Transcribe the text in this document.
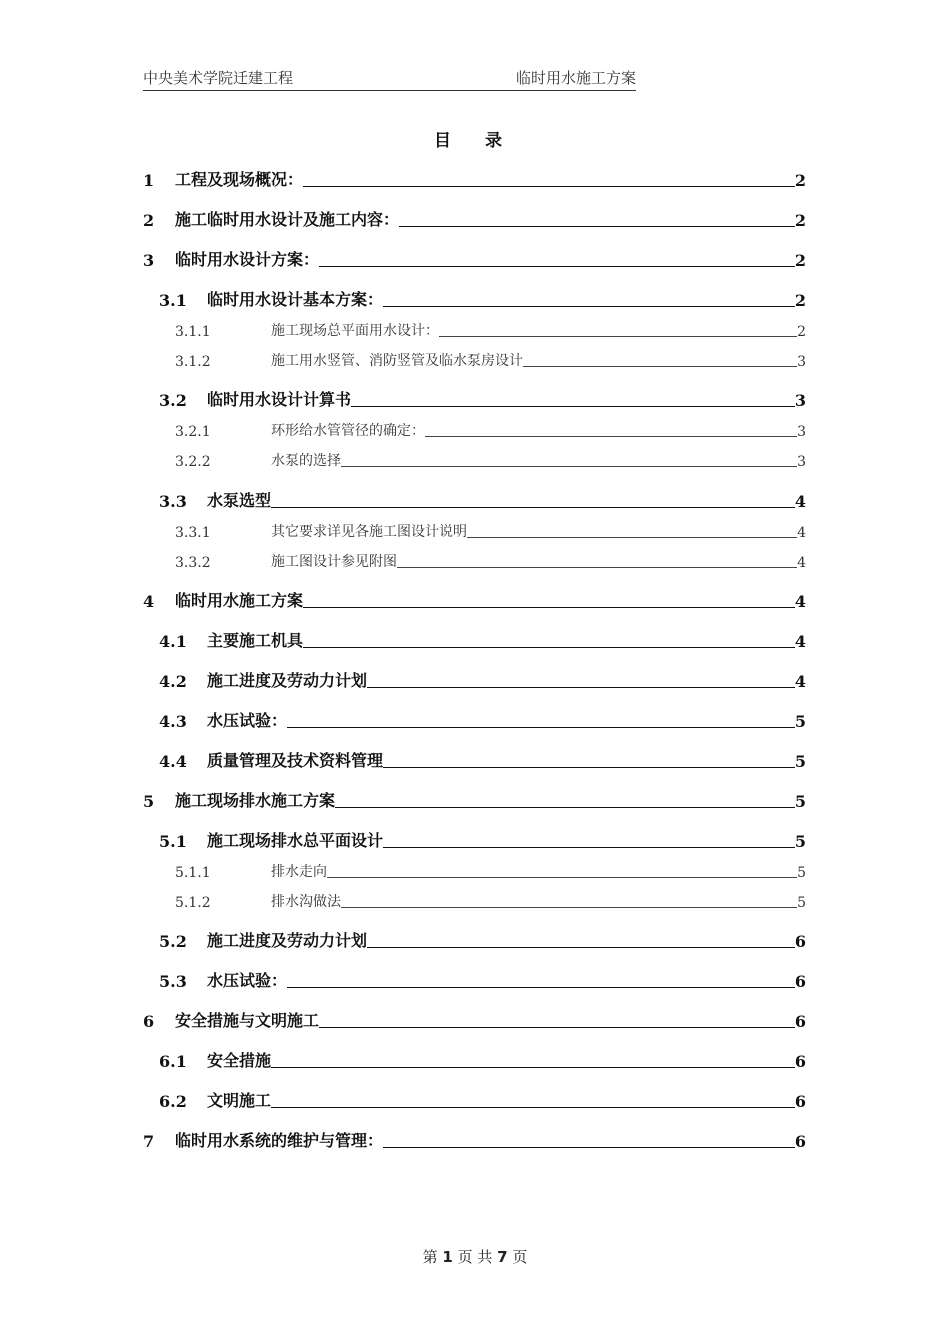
中央美术学院迁建工程	临时用水施工方案
目 录
1	工程及现场概况：	2
2	施工临时用水设计及施工内容：	2
3	临时用水设计方案：	2
3.1	临时用水设计基本方案：	2
3.1.1	施工现场总平面用水设计：	2
3.1.2	施工用水竖管、消防竖管及临水泵房设计	3
3.2	临时用水设计计算书	3
3.2.1	环形给水管管径的确定：	3
3.2.2	水泵的选择	3
3.3	水泵选型	4
3.3.1	其它要求详见各施工图设计说明	4
3.3.2	施工图设计参见附图	4
4	临时用水施工方案	4
4.1	主要施工机具	4
4.2	施工进度及劳动力计划	4
4.3	水压试验：	5
4.4	质量管理及技术资料管理	5
5	施工现场排水施工方案	5
5.1	施工现场排水总平面设计	5
5.1.1	排水走向	5
5.1.2	排水沟做法	5
5.2	施工进度及劳动力计划	6
5.3	水压试验：	6
6	安全措施与文明施工	6
6.1	安全措施	6
6.2	文明施工	6
7	临时用水系统的维护与管理：	6
第 1 页 共 7 页
